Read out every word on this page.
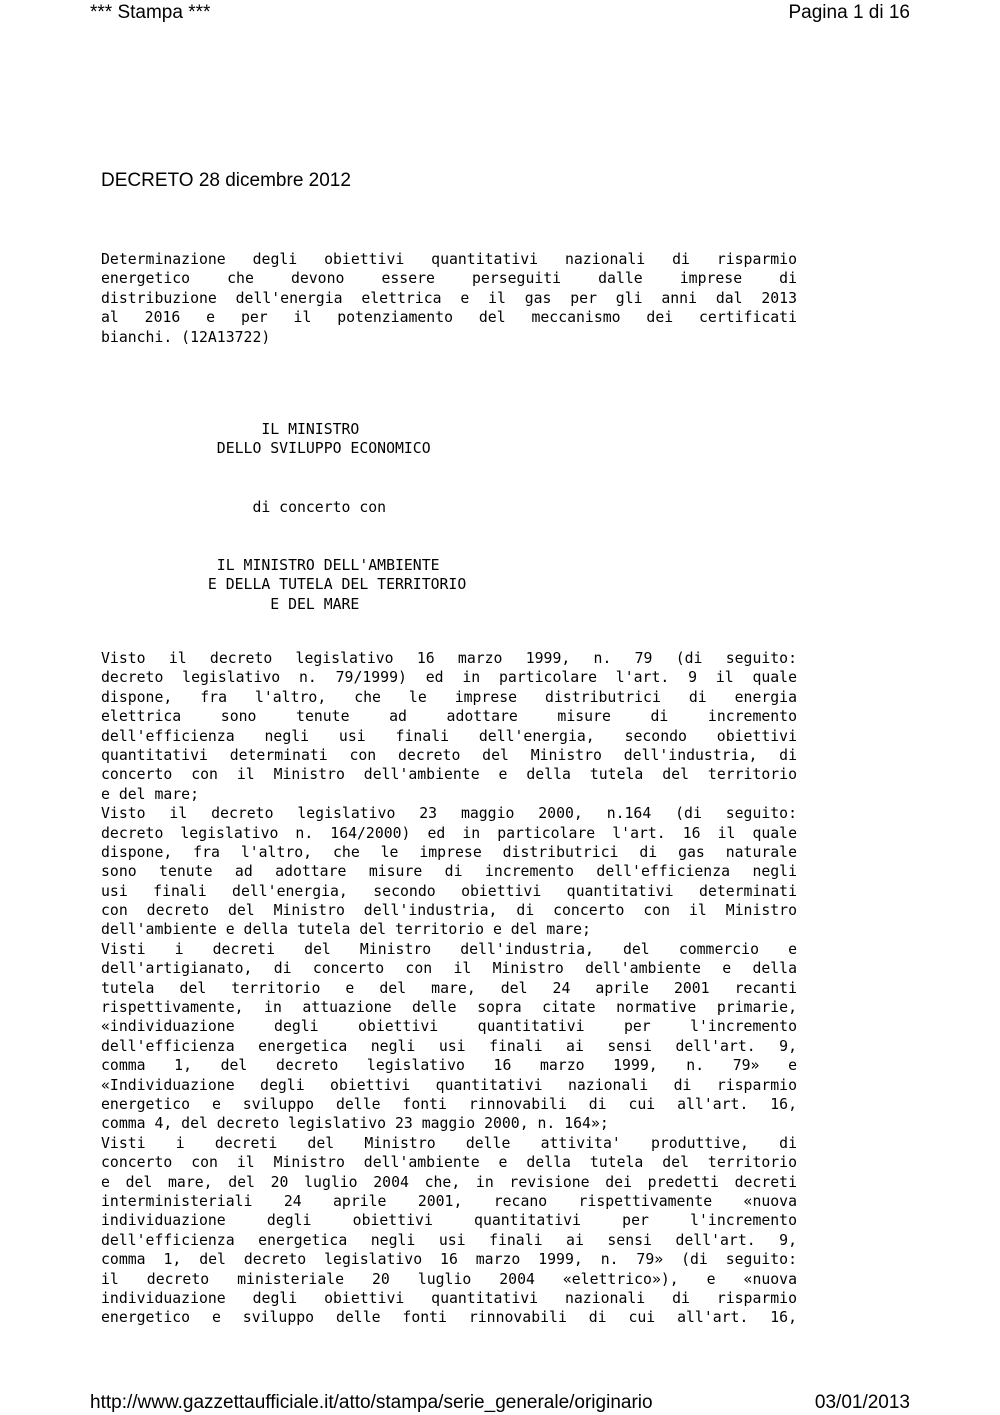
*** Stampa ***	Pagina 1 di 16
DECRETO 28 dicembre 2012
Determinazione degli obiettivi quantitativi nazionali di risparmio
energetico che devono essere perseguiti dalle imprese di
distribuzione dell'energia elettrica e il gas per gli anni dal 2013
al 2016 e per il potenziamento del meccanismo dei certificati
bianchi. (12A13722)
IL MINISTRO
DELLO SVILUPPO ECONOMICO
di concerto con
IL MINISTRO DELL'AMBIENTE
E DELLA TUTELA DEL TERRITORIO
E DEL MARE
Visto il decreto legislativo 16 marzo 1999, n. 79 (di seguito:
decreto legislativo n. 79/1999) ed in particolare l'art. 9 il quale
dispone, fra l'altro, che le imprese distributrici di energia
elettrica sono tenute ad adottare misure di incremento
dell'efficienza negli usi finali dell'energia, secondo obiettivi
quantitativi determinati con decreto del Ministro dell'industria, di
concerto con il Ministro dell'ambiente e della tutela del territorio
e del mare;
Visto il decreto legislativo 23 maggio 2000, n.164 (di seguito:
decreto legislativo n. 164/2000) ed in particolare l'art. 16 il quale
dispone, fra l'altro, che le imprese distributrici di gas naturale
sono tenute ad adottare misure di incremento dell'efficienza negli
usi finali dell'energia, secondo obiettivi quantitativi determinati
con decreto del Ministro dell'industria, di concerto con il Ministro
dell'ambiente e della tutela del territorio e del mare;
Visti i decreti del Ministro dell'industria, del commercio e
dell'artigianato, di concerto con il Ministro dell'ambiente e della
tutela del territorio e del mare, del 24 aprile 2001 recanti
rispettivamente, in attuazione delle sopra citate normative primarie,
«individuazione degli obiettivi quantitativi per l'incremento
dell'efficienza energetica negli usi finali ai sensi dell'art. 9,
comma 1, del decreto legislativo 16 marzo 1999, n. 79» e
«Individuazione degli obiettivi quantitativi nazionali di risparmio
energetico e sviluppo delle fonti rinnovabili di cui all'art. 16,
comma 4, del decreto legislativo 23 maggio 2000, n. 164»;
Visti i decreti del Ministro delle attivita' produttive, di
concerto con il Ministro dell'ambiente e della tutela del territorio
e del mare, del 20 luglio 2004 che, in revisione dei predetti decreti
interministeriali 24 aprile 2001, recano rispettivamente «nuova
individuazione degli obiettivi quantitativi per l'incremento
dell'efficienza energetica negli usi finali ai sensi dell'art. 9,
comma 1, del decreto legislativo 16 marzo 1999, n. 79» (di seguito:
il decreto ministeriale 20 luglio 2004 «elettrico»), e «nuova
individuazione degli obiettivi quantitativi nazionali di risparmio
energetico e sviluppo delle fonti rinnovabili di cui all'art. 16,
http://www.gazzettaufficiale.it/atto/stampa/serie_generale/originario	03/01/2013
